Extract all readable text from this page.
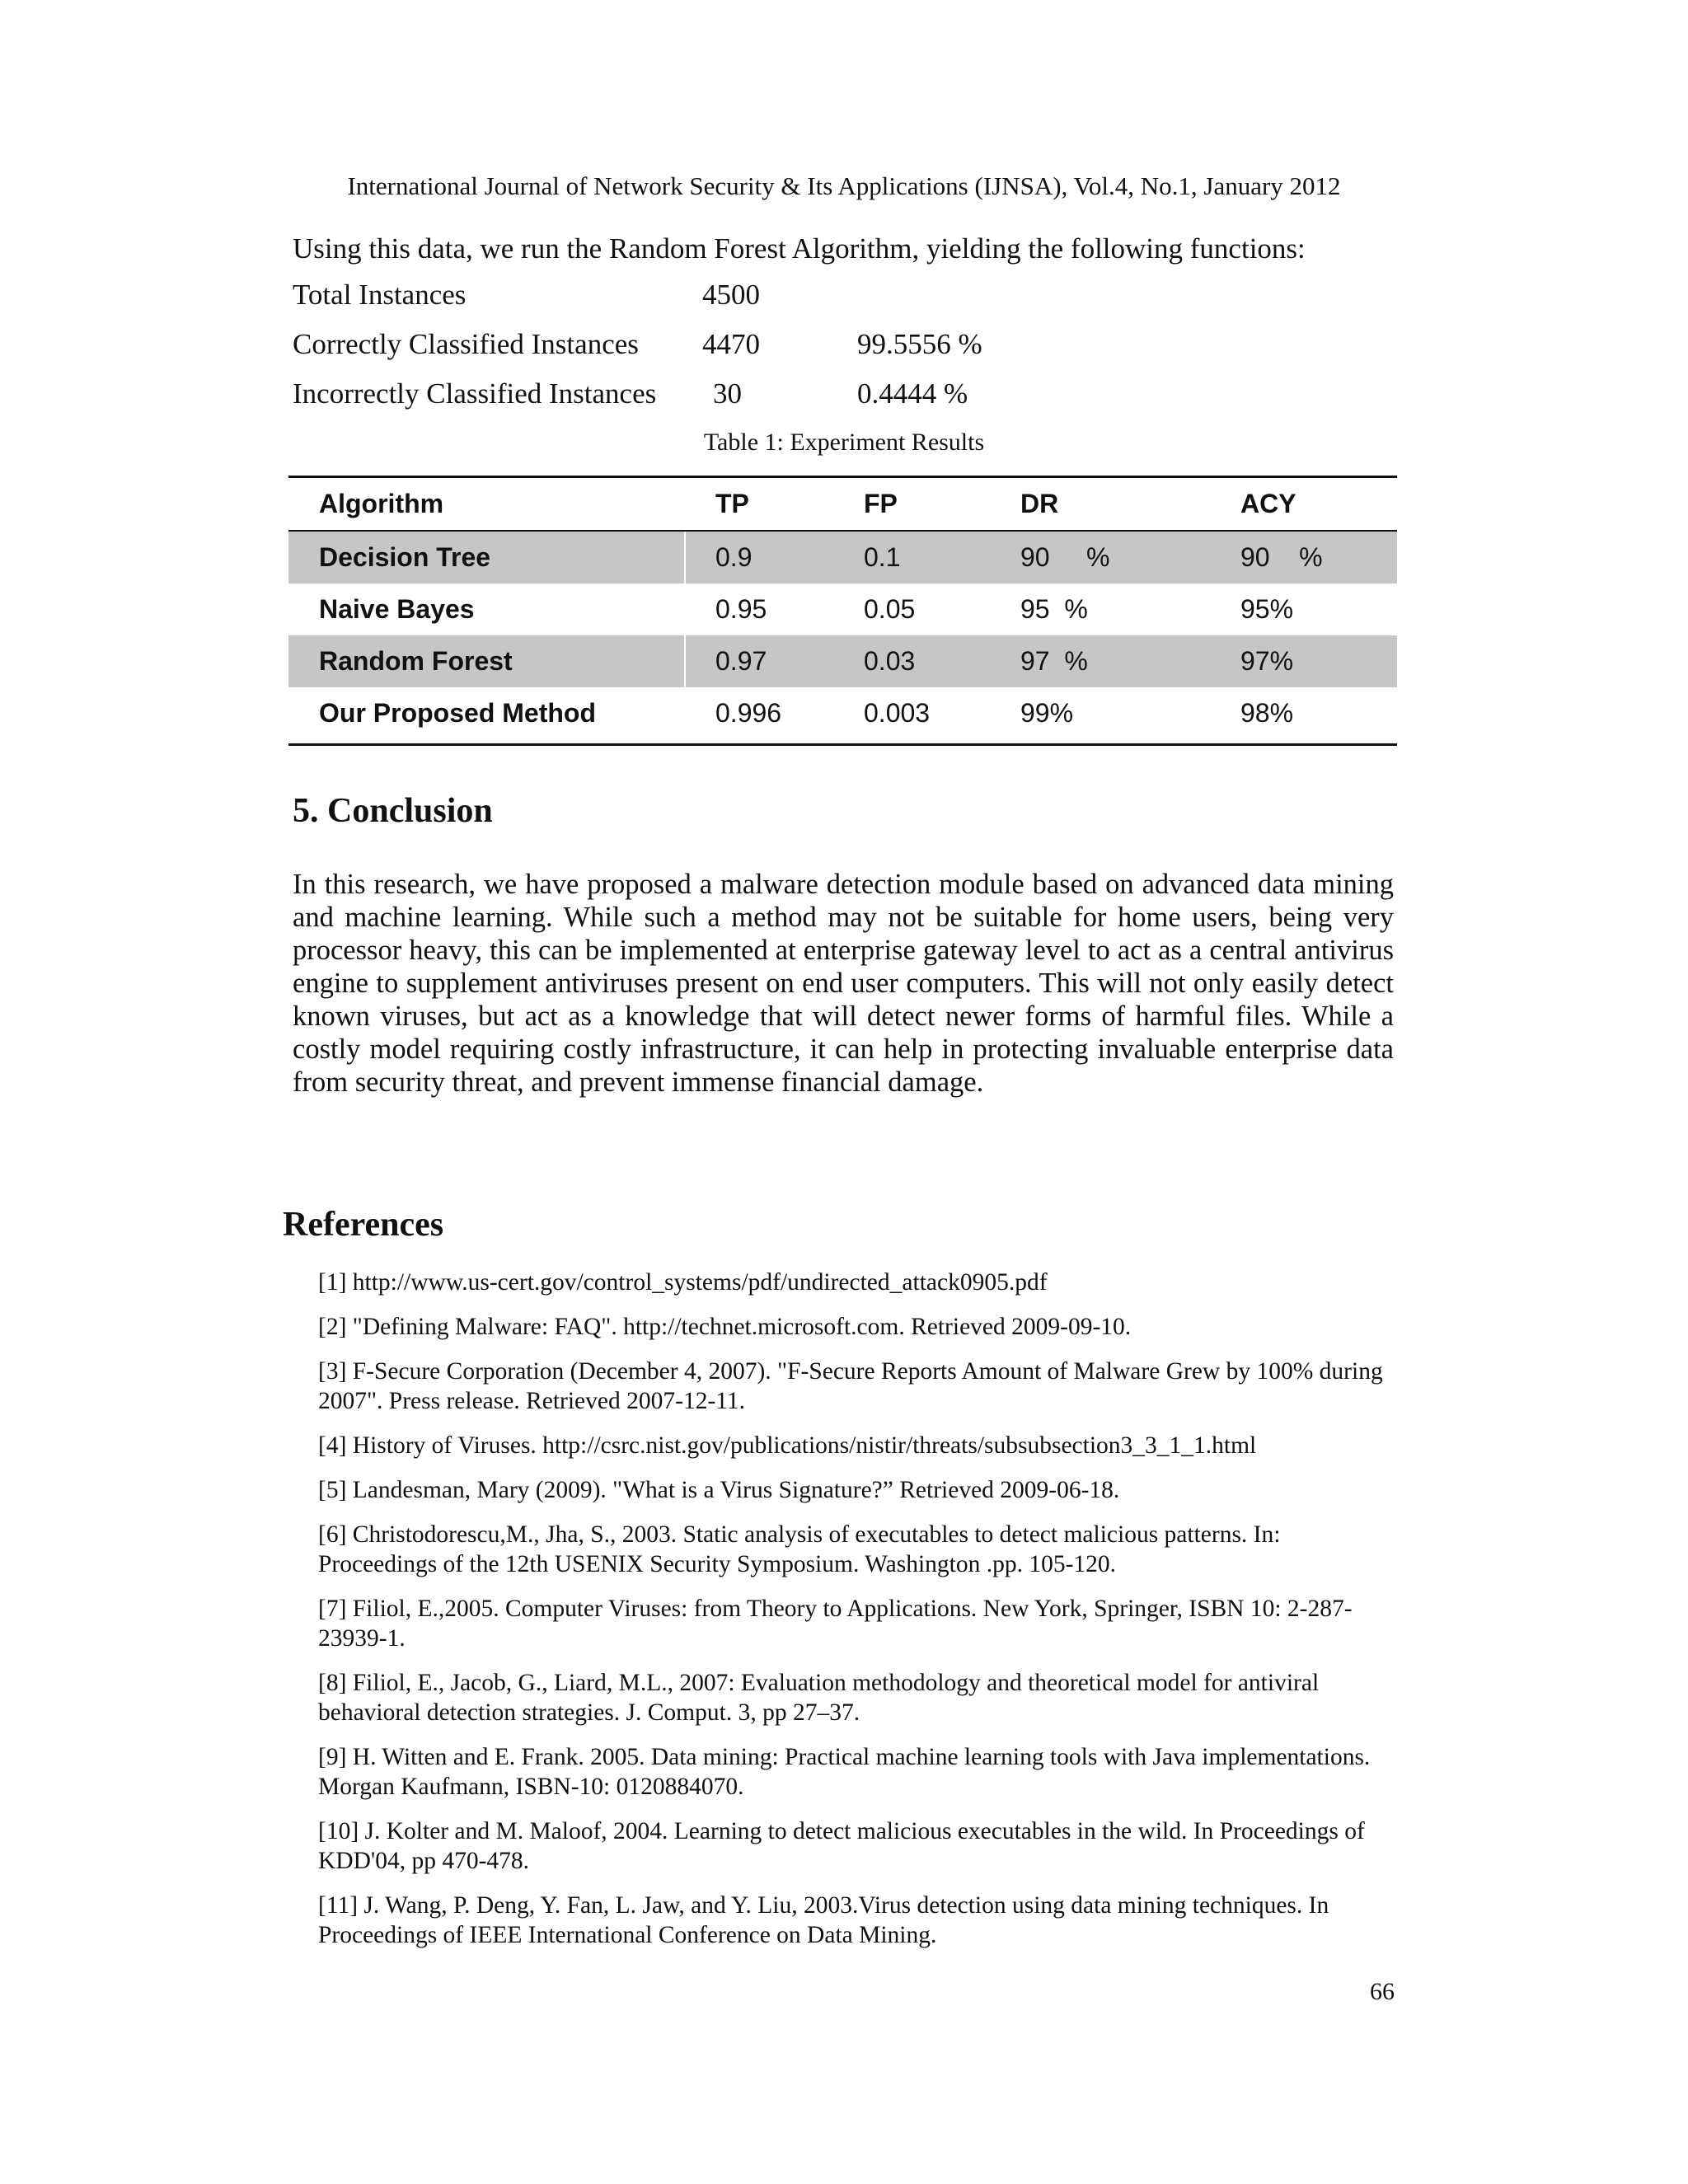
International Journal of Network Security & Its Applications (IJNSA), Vol.4, No.1, January 2012
Using this data, we run the Random Forest Algorithm, yielding the following functions:
Total Instances	4500
Correctly Classified Instances 4470	99.5556 %
Incorrectly Classified Instances 30	0.4444 %
Table 1: Experiment Results
Algorithm	TP	FP	DR	ACY
Decision Tree	0.9	0.1	90     %	90    %
Naive Bayes	0.95	0.05	95  %	95%
Random Forest	0.97	0.03	97  %	97%
Our Proposed Method	0.996	0.003	99%	98%
5. Conclusion
In this research, we have proposed a malware detection module based on advanced data mining and machine learning. While such a method may not be suitable for home users, being very processor heavy, this can be implemented at enterprise gateway level to act as a central antivirus engine to supplement antiviruses present on end user computers. This will not only easily detect known viruses, but act as a knowledge that will detect newer forms of harmful files. While a costly model requiring costly infrastructure, it can help in protecting invaluable enterprise data from security threat, and prevent immense financial damage.
References
[1] http://www.us-cert.gov/control_systems/pdf/undirected_attack0905.pdf
[2] "Defining Malware: FAQ". http://technet.microsoft.com. Retrieved 2009-09-10.
[3] F-Secure Corporation (December 4, 2007). "F-Secure Reports Amount of Malware Grew by 100% during 2007". Press release. Retrieved 2007-12-11.
[4] History of Viruses. http://csrc.nist.gov/publications/nistir/threats/subsubsection3_3_1_1.html
[5] Landesman, Mary (2009). "What is a Virus Signature?” Retrieved 2009-06-18.
[6] Christodorescu,M., Jha, S., 2003. Static analysis of executables to detect malicious patterns. In: Proceedings of the 12th USENIX Security Symposium. Washington .pp. 105-120.
[7] Filiol, E.,2005. Computer Viruses: from Theory to Applications. New York, Springer, ISBN 10: 2-287-23939-1.
[8] Filiol, E., Jacob, G., Liard, M.L., 2007: Evaluation methodology and theoretical model for antiviral behavioral detection strategies. J. Comput. 3, pp 27–37.
[9] H. Witten and E. Frank. 2005. Data mining: Practical machine learning tools with Java implementations. Morgan Kaufmann, ISBN-10: 0120884070.
[10] J. Kolter and M. Maloof, 2004. Learning to detect malicious executables in the wild. In Proceedings of KDD'04, pp 470-478.
[11] J. Wang, P. Deng, Y. Fan, L. Jaw, and Y. Liu, 2003.Virus detection using data mining techniques. In Proceedings of IEEE International Conference on Data Mining.
66
